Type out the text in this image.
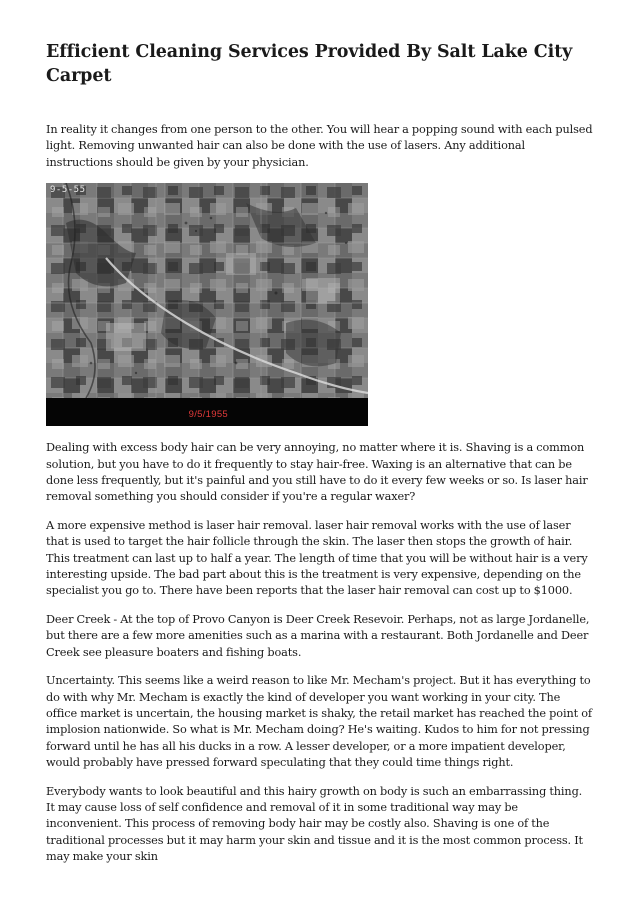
Efficient Cleaning Services Provided By Salt Lake City Carpet

In reality it changes from one person to the other. You will hear a popping sound with each pulsed light. Removing unwanted hair can also be done with the use of lasers. Any additional instructions should be given by your physician.

9-5-55
9/5/1955

Dealing with excess body hair can be very annoying, no matter where it is. Shaving is a common solution, but you have to do it frequently to stay hair-free. Waxing is an alternative that can be done less frequently, but it's painful and you still have to do it every few weeks or so. Is laser hair removal something you should consider if you're a regular waxer?

A more expensive method is laser hair removal. laser hair removal works with the use of laser that is used to target the hair follicle through the skin. The laser then stops the growth of hair. This treatment can last up to half a year. The length of time that you will be without hair is a very interesting upside. The bad part about this is the treatment is very expensive, depending on the specialist you go to. There have been reports that the laser hair removal can cost up to $1000.

Deer Creek - At the top of Provo Canyon is Deer Creek Resevoir. Perhaps, not as large Jordanelle, but there are a few more amenities such as a marina with a restaurant. Both Jordanelle and Deer Creek see pleasure boaters and fishing boats.

Uncertainty. This seems like a weird reason to like Mr. Mecham's project. But it has everything to do with why Mr. Mecham is exactly the kind of developer you want working in your city. The office market is uncertain, the housing market is shaky, the retail market has reached the point of implosion nationwide. So what is Mr. Mecham doing? He's waiting. Kudos to him for not pressing forward until he has all his ducks in a row. A lesser developer, or a more impatient developer, would probably have pressed forward speculating that they could time things right.

Everybody wants to look beautiful and this hairy growth on body is such an embarrassing thing. It may cause loss of self confidence and removal of it in some traditional way may be inconvenient. This process of removing body hair may be costly also. Shaving is one of the traditional processes but it may harm your skin and tissue and it is the most common process. It may make your skin
